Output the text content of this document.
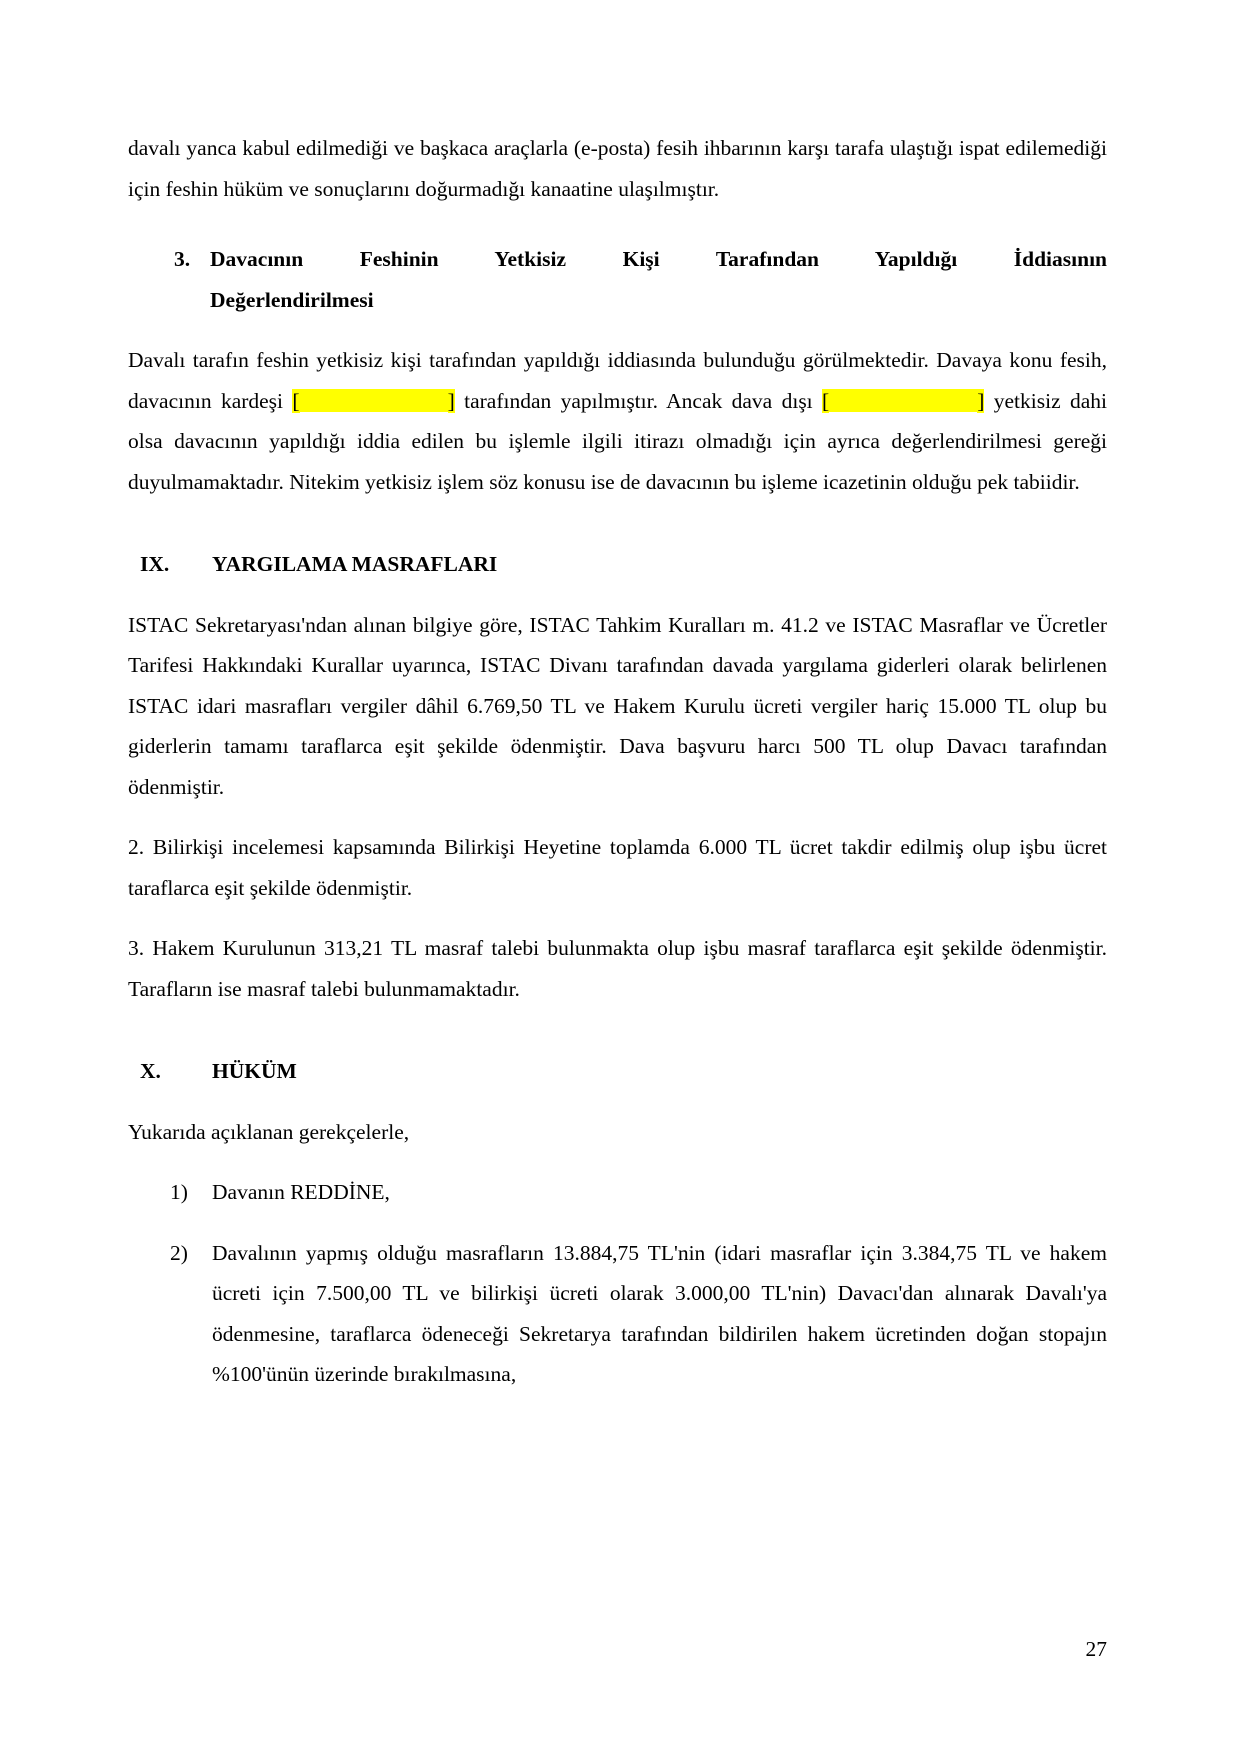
davalı yanca kabul edilmediği ve başkaca araçlarla (e-posta) fesih ihbarının karşı tarafa ulaştığı ispat edilemediği için feshin hüküm ve sonuçlarını doğurmadığı kanaatine ulaşılmıştır.

3. Davacının Feshinin Yetkisiz Kişi Tarafından Yapıldığı İddiasının
Değerlendirilmesi

Davalı tarafın feshin yetkisiz kişi tarafından yapıldığı iddiasında bulunduğu görülmektedir. Davaya konu fesih, davacının kardeşi [	] tarafından yapılmıştır. Ancak dava dışı [	] yetkisiz dahi olsa davacının yapıldığı iddia edilen bu işlemle ilgili itirazı olmadığı için ayrıca değerlendirilmesi gereği duyulmamaktadır. Nitekim yetkisiz işlem söz konusu ise de davacının bu işleme icazetinin olduğu pek tabiidir.

IX.	YARGILAMA MASRAFLARI

ISTAC Sekretaryası'ndan alınan bilgiye göre, ISTAC Tahkim Kuralları m. 41.2 ve ISTAC Masraflar ve Ücretler Tarifesi Hakkındaki Kurallar uyarınca, ISTAC Divanı tarafından davada yargılama giderleri olarak belirlenen ISTAC idari masrafları vergiler dâhil 6.769,50 TL ve Hakem Kurulu ücreti vergiler hariç 15.000 TL olup bu giderlerin tamamı taraflarca eşit şekilde ödenmiştir. Dava başvuru harcı 500 TL olup Davacı tarafından ödenmiştir.

2. Bilirkişi incelemesi kapsamında Bilirkişi Heyetine toplamda 6.000 TL ücret takdir edilmiş olup işbu ücret taraflarca eşit şekilde ödenmiştir.

3. Hakem Kurulunun 313,21 TL masraf talebi bulunmakta olup işbu masraf taraflarca eşit şekilde ödenmiştir. Tarafların ise masraf talebi bulunmamaktadır.

X.	HÜKÜM

Yukarıda açıklanan gerekçelerle,

1)	Davanın REDDİNE,
2)	Davalının yapmış olduğu masrafların 13.884,75 TL'nin (idari masraflar için 3.384,75 TL ve hakem ücreti için 7.500,00 TL ve bilirkişi ücreti olarak 3.000,00 TL'nin) Davacı'dan alınarak Davalı'ya ödenmesine, taraflarca ödeneceği Sekretarya tarafından bildirilen hakem ücretinden doğan stopajın %100'ünün üzerinde bırakılmasına,
27
